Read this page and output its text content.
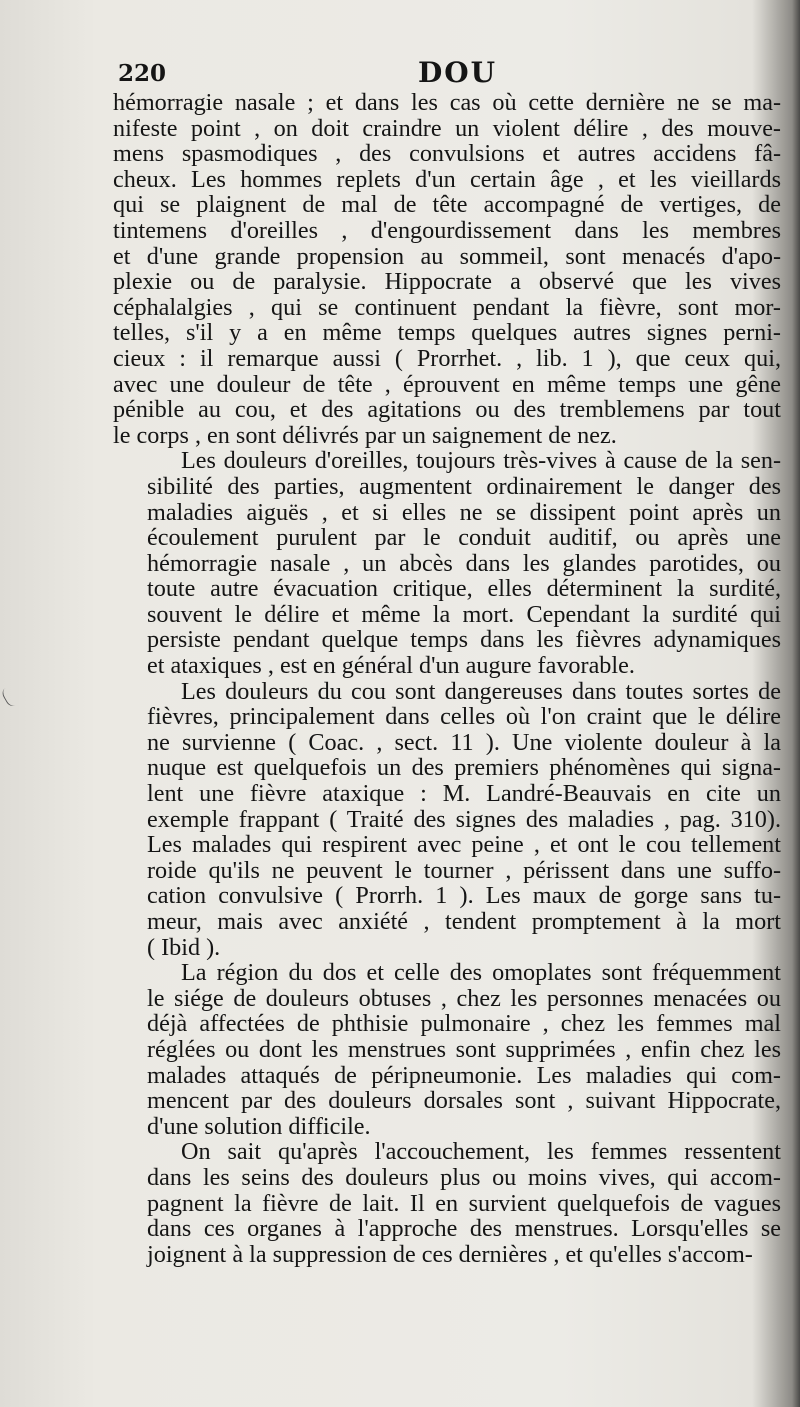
220	DOU

hémorragie nasale ; et dans les cas où cette dernière ne se ma-
nifeste point , on doit craindre un violent délire , des mouve-
mens spasmodiques , des convulsions et autres accidens fâ-
cheux. Les hommes replets d'un certain âge , et les vieillards
qui se plaignent de mal de tête accompagné de vertiges, de
tintemens d'oreilles , d'engourdissement dans les membres
et d'une grande propension au sommeil, sont menacés d'apo-
plexie ou de paralysie. Hippocrate a observé que les vives
céphalalgies , qui se continuent pendant la fièvre, sont mor-
telles, s'il y a en même temps quelques autres signes perni-
cieux : il remarque aussi ( Prorrhet. , lib. 1 ), que ceux qui,
avec une douleur de tête , éprouvent en même temps une gêne
pénible au cou, et des agitations ou des tremblemens par tout
le corps , en sont délivrés par un saignement de nez.

Les douleurs d'oreilles, toujours très-vives à cause de la sen-
sibilité des parties, augmentent ordinairement le danger des
maladies aiguës , et si elles ne se dissipent point après un
écoulement purulent par le conduit auditif, ou après une
hémorragie nasale , un abcès dans les glandes parotides, ou
toute autre évacuation critique, elles déterminent la surdité,
souvent le délire et même la mort. Cependant la surdité qui
persiste pendant quelque temps dans les fièvres adynamiques
et ataxiques , est en général d'un augure favorable.

Les douleurs du cou sont dangereuses dans toutes sortes de
fièvres, principalement dans celles où l'on craint que le délire
ne survienne ( Coac. , sect. 11 ). Une violente douleur à la
nuque est quelquefois un des premiers phénomènes qui signa-
lent une fièvre ataxique : M. Landré-Beauvais en cite un
exemple frappant ( Traité des signes des maladies , pag. 310).
Les malades qui respirent avec peine , et ont le cou tellement
roide qu'ils ne peuvent le tourner , périssent dans une suffo-
cation convulsive ( Prorrh. 1 ). Les maux de gorge sans tu-
meur, mais avec anxiété , tendent promptement à la mort
( Ibid ).

La région du dos et celle des omoplates sont fréquemment
le siége de douleurs obtuses , chez les personnes menacées ou
déjà affectées de phthisie pulmonaire , chez les femmes mal
réglées ou dont les menstrues sont supprimées , enfin chez les
malades attaqués de péripneumonie. Les maladies qui com-
mencent par des douleurs dorsales sont , suivant Hippocrate,
d'une solution difficile.

On sait qu'après l'accouchement, les femmes ressentent
dans les seins des douleurs plus ou moins vives, qui accom-
pagnent la fièvre de lait. Il en survient quelquefois de vagues
dans ces organes à l'approche des menstrues. Lorsqu'elles se
joignent à la suppression de ces dernières , et qu'elles s'accom-
